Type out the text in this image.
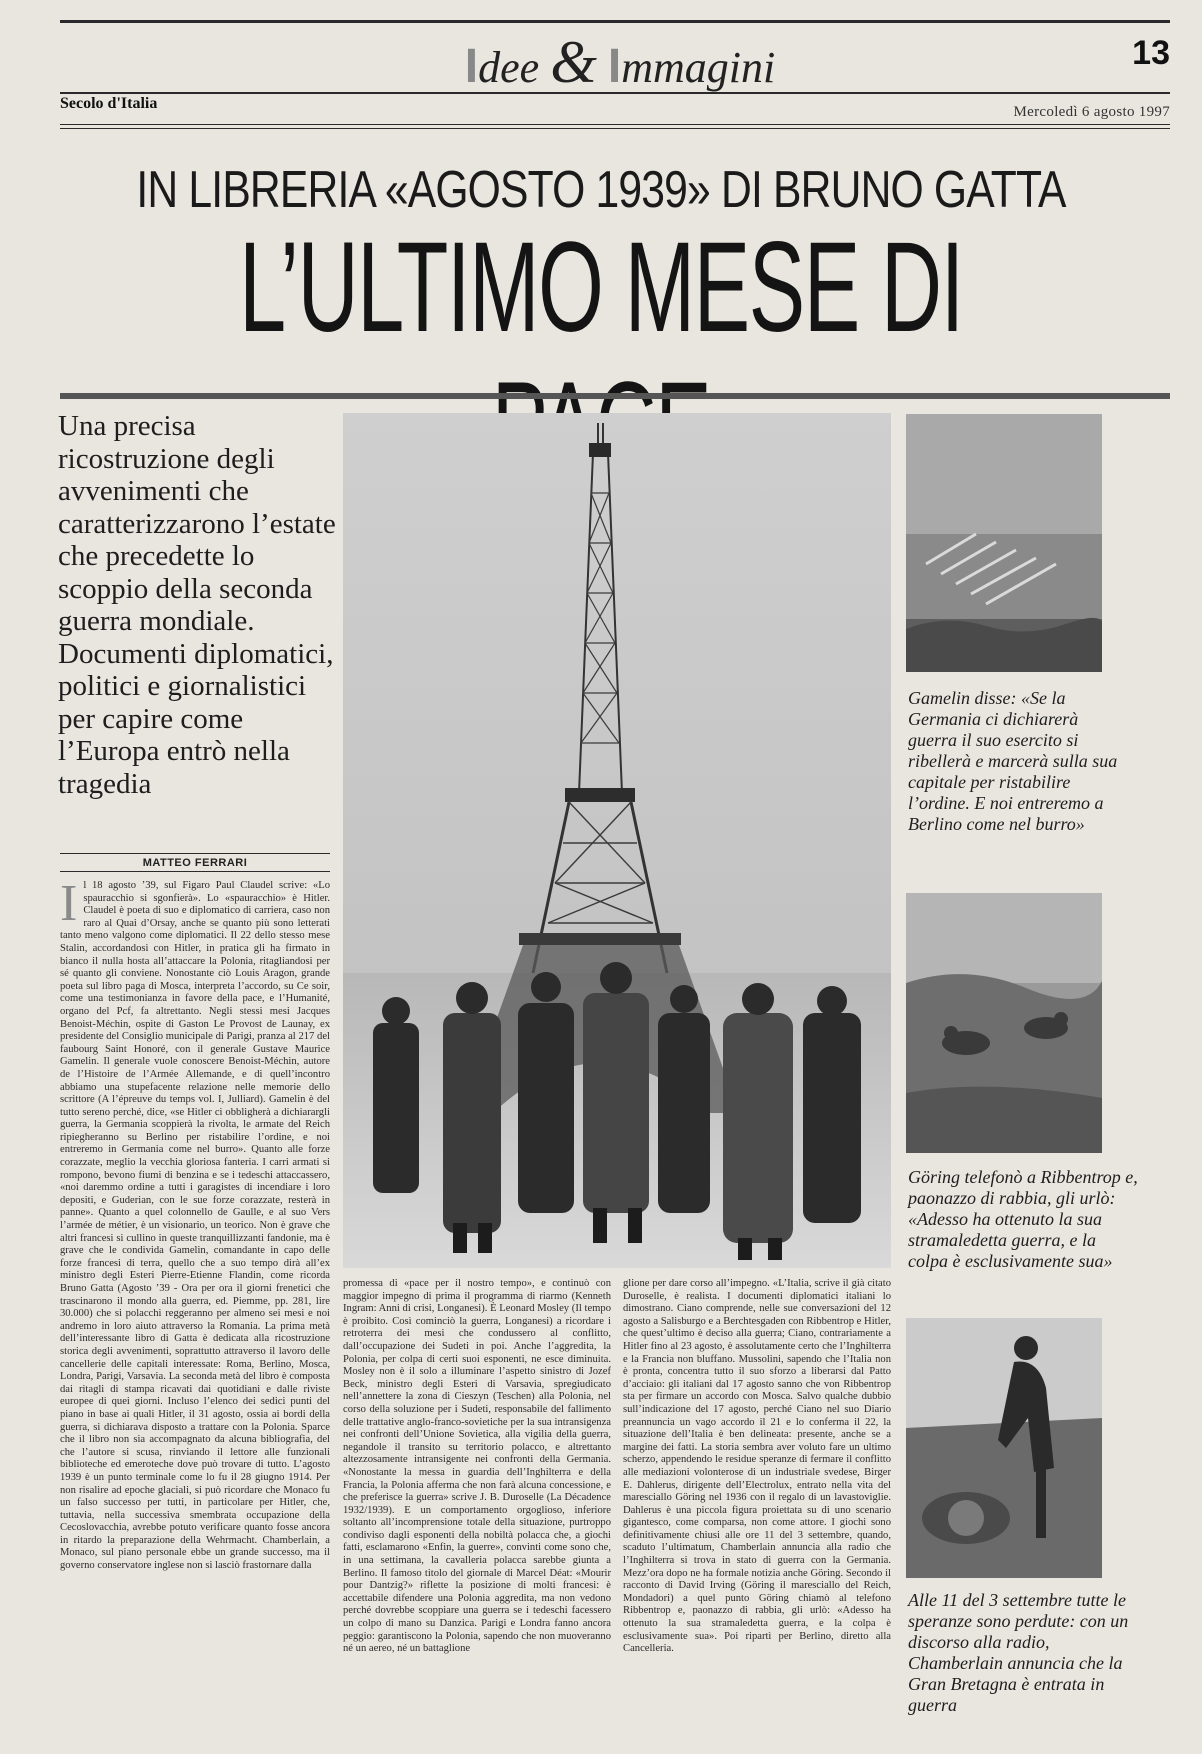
Idee & Immagini	13
Secolo d'Italia	Mercoledì 6 agosto 1997
IN LIBRERIA «AGOSTO 1939» DI BRUNO GATTA
L’ULTIMO MESE DI
Una precisa ricostruzione degli avvenimenti che caratterizzarono l’estate che precedette lo scoppio della seconda guerra mondiale. Documenti diplomatici, politici e giornalistici per capire come l’Europa entrò nella tragedia
MATTEO FERRARI
Il 18 agosto ’39, sul Figaro Paul Claudel scrive: «Lo spauracchio si sgonfierà». Lo «spauracchio» è Hitler. Claudel è poeta di suo e diplomatico di carriera, caso non raro al Quai d’Orsay, anche se quanto più sono letterati tanto meno valgono come diplomatici. Il 22 dello stesso mese Stalin, accordandosi con Hitler, in pratica gli ha firmato in bianco il nulla hosta all’attaccare la Polonia, ritagliandosi per sé quanto gli conviene. Nonostante ciò Louis Aragon, grande poeta sul libro paga di Mosca, interpreta l’accordo, su Ce soir, come una testimonianza in favore della pace, e l’Humanité, organo del Pcf, fa altrettanto. Negli stessi mesi Jacques Benoist-Méchin, ospite di Gaston Le Provost de Launay, ex presidente del Consiglio municipale di Parigi, pranza al 217 del faubourg Saint Honoré, con il generale Gustave Maurice Gamelin. Il generale vuole conoscere Benoist-Méchin, autore de l’Histoire de l’Armée Allemande, e di quell’incontro abbiamo una stupefacente relazione nelle memorie dello scrittore (A l’épreuve du temps vol. I, Julliard). Gamelin è del tutto sereno perché, dice, «se Hitler ci obbligherà a dichiarargli guerra, la Germania scoppierà la rivolta, le armate del Reich ripiegheranno su Berlino per ristabilire l’ordine, e noi entreremo in Germania come nel burro». Quanto alle forze corazzate, meglio la vecchia gloriosa fanteria. I carri armati si rompono, bevono fiumi di benzina e se i tedeschi attaccassero, «noi daremmo ordine a tutti i garagistes di incendiare i loro depositi, e Guderian, con le sue forze corazzate, resterà in panne». Quanto a quel colonnello de Gaulle, e al suo Vers l’armée de métier, è un visionario, un teorico. Non è grave che altri francesi si cullino in queste tranquillizzanti fandonie, ma è grave che le condivida Gamelin, comandante in capo delle forze francesi di terra, quello che a suo tempo dirà all’ex ministro degli Esteri Pierre-Etienne Flandin, come ricorda Bruno Gatta (Agosto ’39 - Ora per ora il giorni frenetici che trascinarono il mondo alla guerra, ed. Piemme, pp. 281, lire 30.000) che si polacchi reggeranno per almeno sei mesi e noi andremo in loro aiuto attraverso la Romania. La prima metà dell’interessante libro di Gatta è dedicata alla ricostruzione storica degli avvenimenti, soprattutto attraverso il lavoro delle cancellerie delle capitali interessate: Roma, Berlino, Mosca, Londra, Parigi, Varsavia. La seconda metà del libro è composta dai ritagli di stampa ricavati dai quotidiani e dalle riviste europee di quei giorni. Incluso l’elenco dei sedici punti del piano in base ai quali Hitler, il 31 agosto, ossia ai bordi della guerra, si dichiarava disposto a trattare con la Polonia. Sparce che il libro non sia accompagnato da alcuna bibliografia, del che l’autore si scusa, rinviando il lettore alle funzionali biblioteche ed emeroteche dove può trovare di tutto. L’agosto 1939 è un punto terminale come lo fu il 28 giugno 1914. Per non risalire ad epoche glaciali, si può ricordare che Monaco fu un falso successo per tutti, in particolare per Hitler, che, tuttavia, nella successiva smembrata occupazione della Cecoslovacchia, avrebbe potuto verificare quanto fosse ancora in ritardo la preparazione della Wehrmacht. Chamberlain, a Monaco, sul piano personale ebbe un grande successo, ma il governo conservatore inglese non si lasciò frastornare dalla
promessa di «pace per il nostro tempo», e continuò con maggior impegno di prima il programma di riarmo (Kenneth Ingram: Anni di crisi, Longanesi). È Leonard Mosley (Il tempo è proibito. Così cominciò la guerra, Longanesi) a ricordare i retroterra dei mesi che condussero al conflitto, dall’occupazione dei Sudeti in poi. Anche l’aggredita, la Polonia, per colpa di certi suoi esponenti, ne esce diminuita. Mosley non è il solo a illuminare l’aspetto sinistro di Jozef Beck, ministro degli Esteri di Varsavia, spregiudicato nell’annettere la zona di Cieszyn (Teschen) alla Polonia, nel corso della soluzione per i Sudeti, responsabile del fallimento delle trattative anglo-franco-sovietiche per la sua intransigenza nei confronti dell’Unione Sovietica, alla vigilia della guerra, negandole il transito su territorio polacco, e altrettanto altezzosamente intransigente nei confronti della Germania. «Nonostante la messa in guardia dell’Inghilterra e della Francia, la Polonia afferma che non farà alcuna concessione, e che preferisce la guerra» scrive J. B. Duroselle (La Décadence 1932/1939). E un comportamento orgoglioso, inferiore soltanto all’incomprensione totale della situazione, purtroppo condiviso dagli esponenti della nobiltà polacca che, a giochi fatti, esclamarono «Enfin, la guerre», convinti come sono che, in una settimana, la cavalleria polacca sarebbe giunta a Berlino. Il famoso titolo del giornale di Marcel Déat: «Mourir pour Dantzig?» riflette la posizione di molti francesi: è accettabile difendere una Polonia aggredita, ma non vedono perché dovrebbe scoppiare una guerra se i tedeschi facessero un colpo di mano su Danzica. Parigi e Londra fanno ancora peggio: garantiscono la Polonia, sapendo che non muoveranno né un aereo, né un battaglione
glione per dare corso all’impegno. «L’Italia, scrive il già citato Duroselle, è realista. I documenti diplomatici italiani lo dimostrano. Ciano comprende, nelle sue conversazioni del 12 agosto a Salisburgo e a Berchtesgaden con Ribbentrop e Hitler, che quest’ultimo è deciso alla guerra; Ciano, contrariamente a Hitler fino al 23 agosto, è assolutamente certo che l’Inghilterra e la Francia non bluffano. Mussolini, sapendo che l’Italia non è pronta, concentra tutto il suo sforzo a liberarsi dal Patto d’acciaio: gli italiani dal 17 agosto sanno che von Ribbentrop sta per firmare un accordo con Mosca. Salvo qualche dubbio sull’indicazione del 17 agosto, perché Ciano nel suo Diario preannuncia un vago accordo il 21 e lo conferma il 22, la situazione dell’Italia è ben delineata: presente, anche se a margine dei fatti. La storia sembra aver voluto fare un ultimo scherzo, appendendo le residue speranze di fermare il conflitto alle mediazioni volonterose di un industriale svedese, Birger E. Dahlerus, dirigente dell’Electrolux, entrato nella vita del maresciallo Göring nel 1936 con il regalo di un lavastoviglie. Dahlerus è una piccola figura proiettata su di uno scenario gigantesco, come comparsa, non come attore. I giochi sono definitivamente chiusi alle ore 11 del 3 settembre, quando, scaduto l’ultimatum, Chamberlain annuncia alla radio che l’Inghilterra si trova in stato di guerra con la Germania. Mezz’ora dopo ne ha formale notizia anche Göring. Secondo il racconto di David Irving (Göring il maresciallo del Reich, Mondadori) a quel punto Göring chiamò al telefono Ribbentrop e, paonazzo di rabbia, gli urlò: «Adesso ha ottenuto la sua stramaledetta guerra, e la colpa è esclusivamente sua». Poi ripartì per Berlino, diretto alla Cancelleria.
Gamelin disse: «Se la Germania ci dichiarerà guerra il suo esercito si ribellerà e marcerà sulla sua capitale per ristabilire l’ordine. E noi entreremo a Berlino come nel burro»
Göring telefonò a Ribbentrop e, paonazzo di rabbia, gli urlò: «Adesso ha ottenuto la sua stramaledetta guerra, e la colpa è esclusivamente sua»
Alle 11 del 3 settembre tutte le speranze sono perdute: con un discorso alla radio, Chamberlain annuncia che la Gran Bretagna è entrata in guerra
